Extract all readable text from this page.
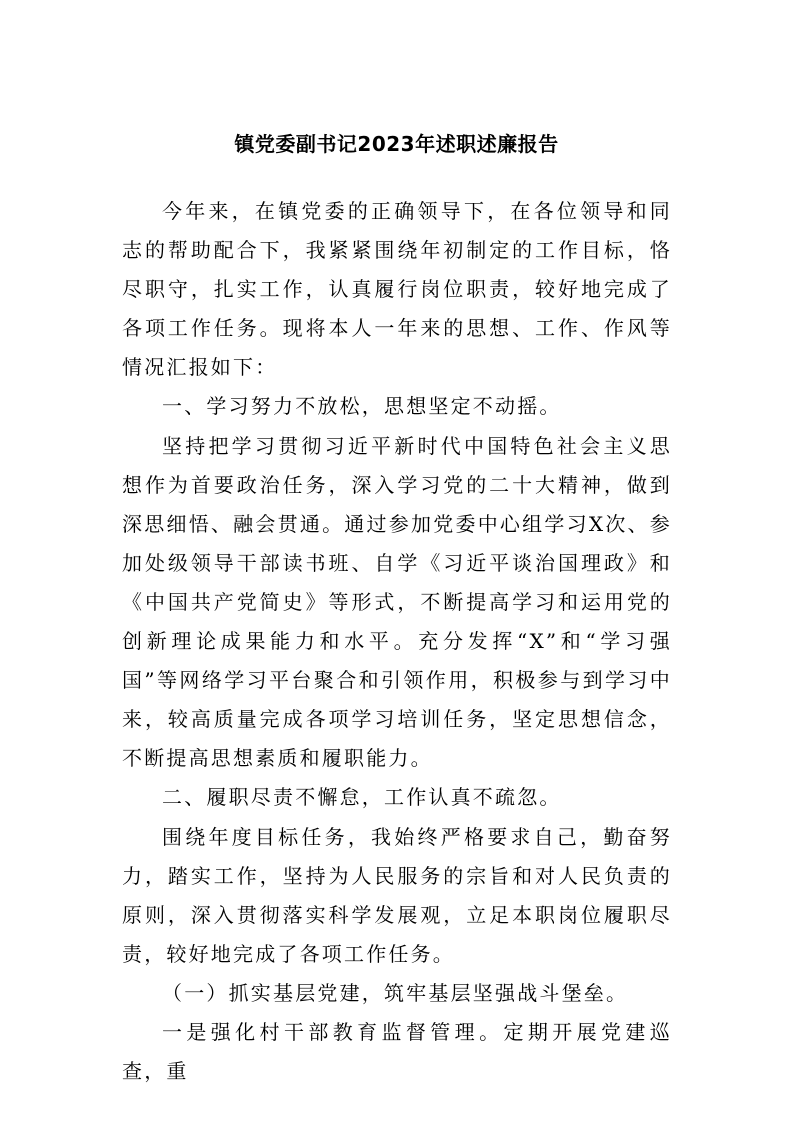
镇党委副书记2023年述职述廉报告

今年来，在镇党委的正确领导下，在各位领导和同志的帮助配合下，我紧紧围绕年初制定的工作目标，恪尽职守，扎实工作，认真履行岗位职责，较好地完成了各项工作任务。现将本人一年来的思想、工作、作风等情况汇报如下：

一、学习努力不放松，思想坚定不动摇。

坚持把学习贯彻习近平新时代中国特色社会主义思想作为首要政治任务，深入学习党的二十大精神，做到深思细悟、融会贯通。通过参加党委中心组学习X次、参加处级领导干部读书班、自学《习近平谈治国理政》和《中国共产党简史》等形式，不断提高学习和运用党的创新理论成果能力和水平。充分发挥“X”和“学习强国”等网络学习平台聚合和引领作用，积极参与到学习中来，较高质量完成各项学习培训任务，坚定思想信念，不断提高思想素质和履职能力。

二、履职尽责不懈怠，工作认真不疏忽。

围绕年度目标任务，我始终严格要求自己，勤奋努力，踏实工作，坚持为人民服务的宗旨和对人民负责的原则，深入贯彻落实科学发展观，立足本职岗位履职尽责，较好地完成了各项工作任务。

（一）抓实基层党建，筑牢基层坚强战斗堡垒。

一是强化村干部教育监督管理。定期开展党建巡查，重
